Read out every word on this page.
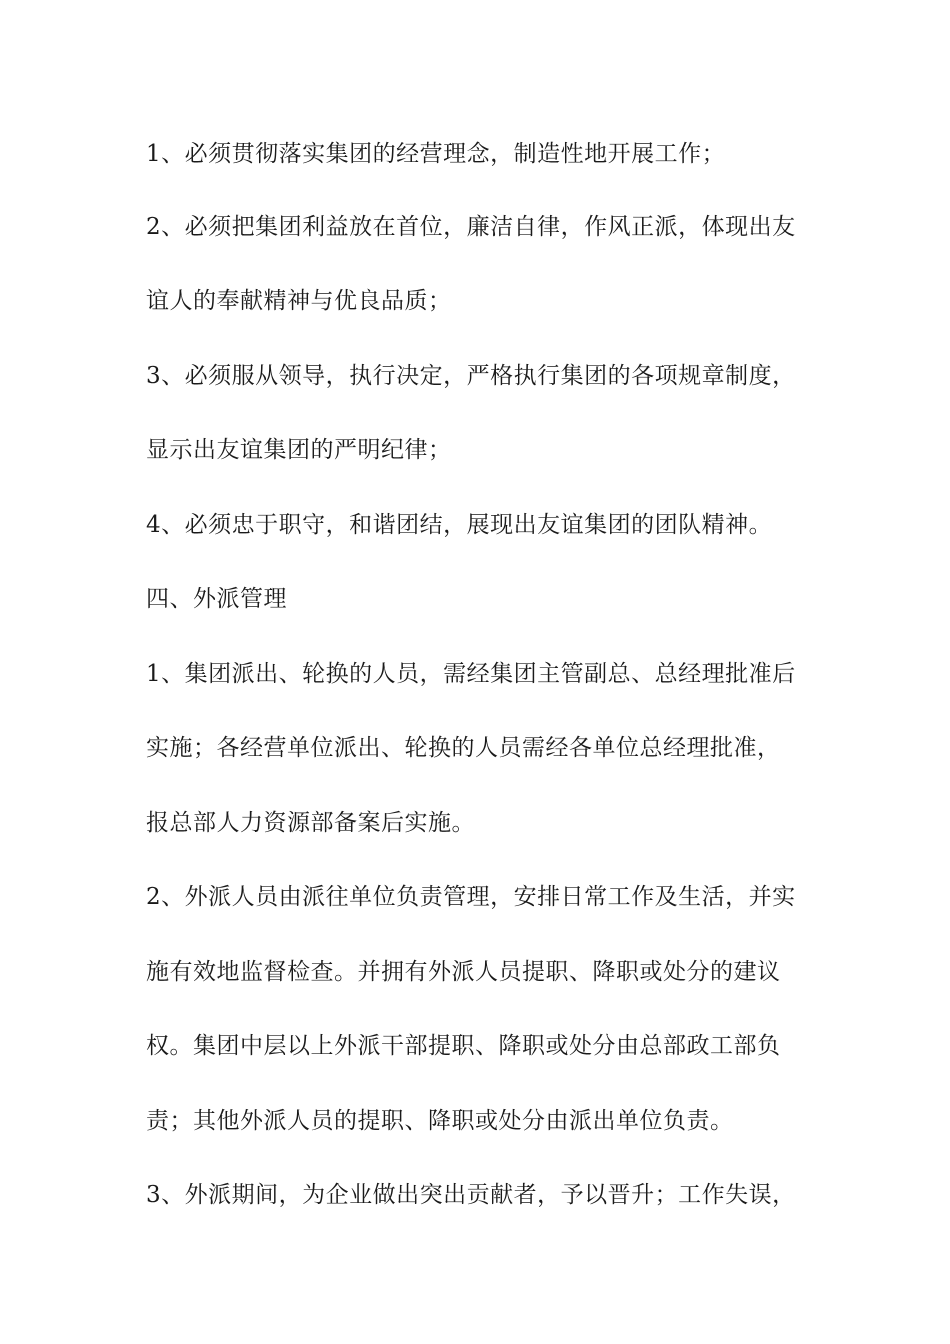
1、必须贯彻落实集团的经营理念，制造性地开展工作；
2、必须把集团利益放在首位，廉洁自律，作风正派，体现出友
谊人的奉献精神与优良品质；
3、必须服从领导，执行决定，严格执行集团的各项规章制度，
显示出友谊集团的严明纪律；
4、必须忠于职守，和谐团结，展现出友谊集团的团队精神。
四、外派管理
1、集团派出、轮换的人员，需经集团主管副总、总经理批准后
实施；各经营单位派出、轮换的人员需经各单位总经理批准，
报总部人力资源部备案后实施。
2、外派人员由派往单位负责管理，安排日常工作及生活，并实
施有效地监督检查。并拥有外派人员提职、降职或处分的建议
权。集团中层以上外派干部提职、降职或处分由总部政工部负
责；其他外派人员的提职、降职或处分由派出单位负责。
3、外派期间，为企业做出突出贡献者，予以晋升；工作失误，
